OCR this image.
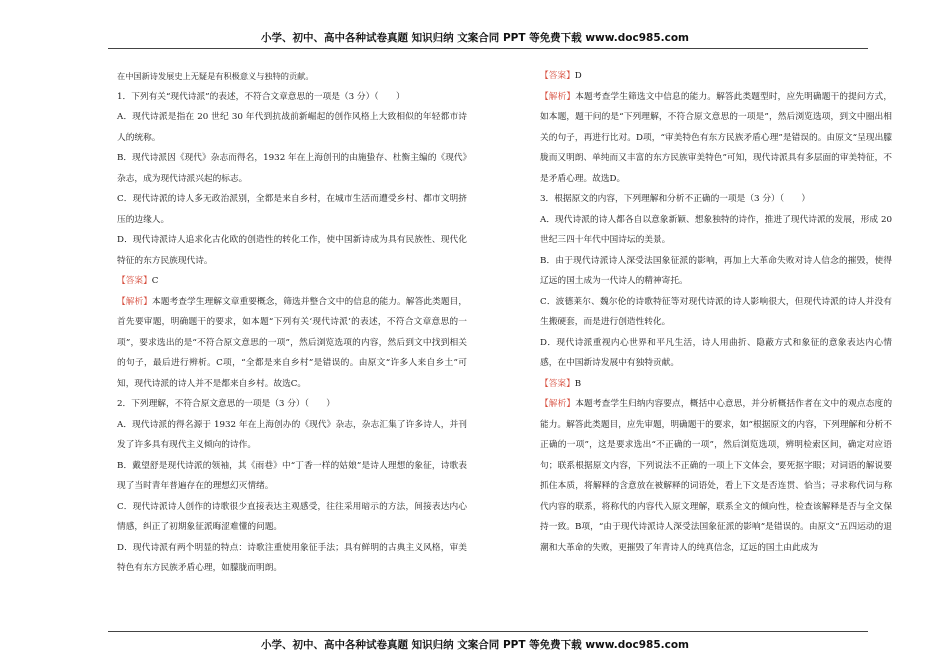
小学、初中、高中各种试卷真题 知识归纳 文案合同 PPT 等免费下载 www.doc985.com

在中国新诗发展史上无疑是有积极意义与独特的贡献。

1．下列有关“现代诗派”的表述，不符合文章意思的一项是（3 分）（　　）

A．现代诗派是指在 20 世纪 30 年代到抗战前新崛起的创作风格上大致相似的年轻都市诗人的统称。

B．现代诗派因《现代》杂志而得名，1932 年在上海创刊的由施蛰存、杜衡主编的《现代》杂志，成为现代诗派兴起的标志。

C．现代诗派的诗人多无政治派别，全都是来自乡村，在城市生活而遭受乡村、都市文明挤压的边缘人。

D．现代诗派诗人追求化古化欧的创造性的转化工作，使中国新诗成为具有民族性、现代化特征的东方民族现代诗。

【答案】C

【解析】本题考查学生理解文章重要概念，筛选并整合文中的信息的能力。解答此类题目，首先要审题，明确题干的要求，如本题“下列有关‘现代诗派’的表述，不符合文章意思的一项”，要求选出的是“不符合原文意思的一项”，然后浏览选项的内容，然后到文中找到相关的句子，最后进行辨析。C项，“全都是来自乡村”是错误的。由原文“许多人来自乡土”可知，现代诗派的诗人并不是都来自乡村。故选C。

2．下列理解，不符合原文意思的一项是（3 分）（　　）

A．现代诗派的得名源于 1932 年在上海创办的《现代》杂志，杂志汇集了许多诗人，并刊发了许多具有现代主义倾向的诗作。

B．戴望舒是现代诗派的领袖，其《雨巷》中“丁香一样的姑娘”是诗人理想的象征，诗歌表现了当时青年普遍存在的理想幻灭情绪。

C．现代诗派诗人创作的诗歌很少直接表达主观感受，往往采用暗示的方法，间接表达内心情感，纠正了初期象征派晦涩难懂的问题。

D．现代诗派有两个明显的特点：诗歌注重使用象征手法；具有鲜明的古典主义风格，审美特色有东方民族矛盾心理，如朦胧而明朗。

【答案】D

【解析】本题考查学生筛选文中信息的能力。解答此类题型时，应先明确题干的提问方式，如本题，题干问的是“下列理解，不符合原文意思的一项是”，然后浏览选项，到文中圈出相关的句子，再进行比对。D项，“审美特色有东方民族矛盾心理”是错误的。由原文“呈现出朦胧而又明朗、单纯而又丰富的东方民族审美特色”可知，现代诗派具有多层面的审美特征，不是矛盾心理。故选D。

3．根据原文的内容，下列理解和分析不正确的一项是（3 分）（　　）

A．现代诗派的诗人都各自以意象新颖、想象独特的诗作，推进了现代诗派的发展，形成 20 世纪三四十年代中国诗坛的美景。

B．由于现代诗派诗人深受法国象征派的影响，再加上大革命失败对诗人信念的摧毁，使得辽远的国土成为一代诗人的精神寄托。

C．波德莱尔、魏尔伦的诗歌特征等对现代诗派的诗人影响很大，但现代诗派的诗人并没有生搬硬套，而是进行创造性转化。

D．现代诗派重视内心世界和平凡生活，诗人用曲折、隐蔽方式和象征的意象表达内心情感，在中国新诗发展中有独特贡献。

【答案】B

【解析】本题考查学生归纳内容要点，概括中心意思，并分析概括作者在文中的观点态度的能力。解答此类题目，应先审题，明确题干的要求，如“根据原文的内容，下列理解和分析不正确的一项”，这是要求选出“不正确的一项”，然后浏览选项，辨明检索区间，确定对应语句；联系根据原文内容，下列说法不正确的一项上下文体会，要死抠字眼；对词语的解说要抓住本质，将解释的含意放在被解释的词语处，看上下文是否连贯、恰当；寻求称代词与称代内容的联系，将称代的内容代入原文理解，联系全文的倾向性，检查该解释是否与全文保持一致。B项，“由于现代诗派诗人深受法国象征派的影响”是错误的。由原文“五四运动的退潮和大革命的失败，更摧毁了年青诗人的纯真信念，辽远的国土由此成为

小学、初中、高中各种试卷真题 知识归纳 文案合同 PPT 等免费下载 www.doc985.com
